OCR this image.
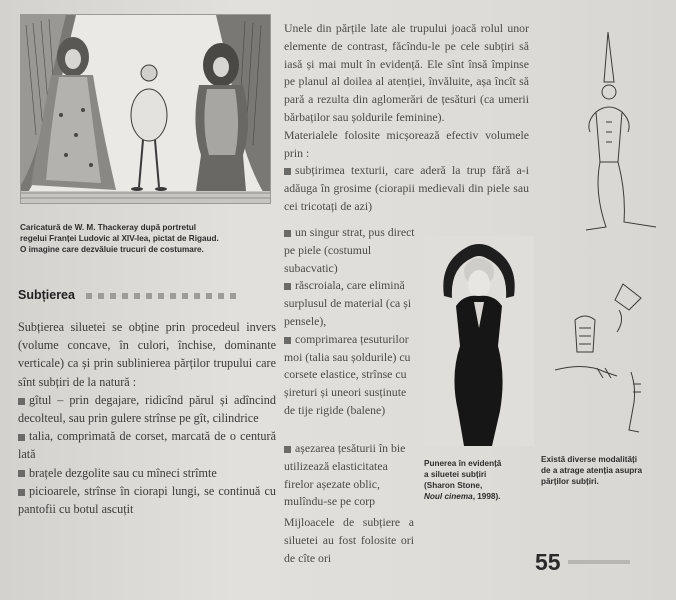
Caricatură de W. M. Thackeray după portretul
regelui Franței Ludovic al XIV-lea, pictat de Rigaud.
O imagine care dezvăluie trucuri de costumare.
Subțierea

Subțierea siluetei se obține prin procedeul invers (volume concave, în culori, închise, dominante verticale) ca și prin sublinierea părților trupului care sînt subțiri de la natură :

gîtul – prin degajare, ridicînd părul și adîncind decolteul, sau prin gulere strînse pe gît, cilindrice

talia, comprimată de corset, marcată de o centură lată

brațele dezgolite sau cu mîneci strîmte

picioarele, strînse în ciorapi lungi, se continuă cu pantofii cu botul ascuțit

Unele din părțile late ale trupului joacă rolul unor elemente de contrast, făcîndu-le pe cele subțiri să iasă și mai mult în evidență. Ele sînt însă împinse pe planul al doilea al atenției, învăluite, așa încît să pară a rezulta din aglomerări de țesături (ca umerii bărbaților sau șoldurile feminine).

Materialele folosite micșorează efectiv volumele prin :

subțirimea texturii, care aderă la trup fără a-i adăuga în grosime (ciorapii medievali din piele sau cei tricotați de azi)

un singur strat, pus direct pe piele (costumul subacvatic)

răscroiala, care elimină surplusul de material (ca și pensele),

comprimarea țesuturilor moi (talia sau șoldurile) cu corsete elastice, strînse cu șireturi și uneori susținute de tije rigide (balene)

așezarea țesăturii în bie utilizează elasticitatea firelor așezate oblic, mulîndu-se pe corp

Mijloacele de subțiere a siluetei au fost folosite ori de cîte ori

Punerea în evidență
a siluetei subțiri
(Sharon Stone,
Noul cinema, 1998).
Există diverse modalități
de a atrage atenția asupra
părților subțiri.
55
